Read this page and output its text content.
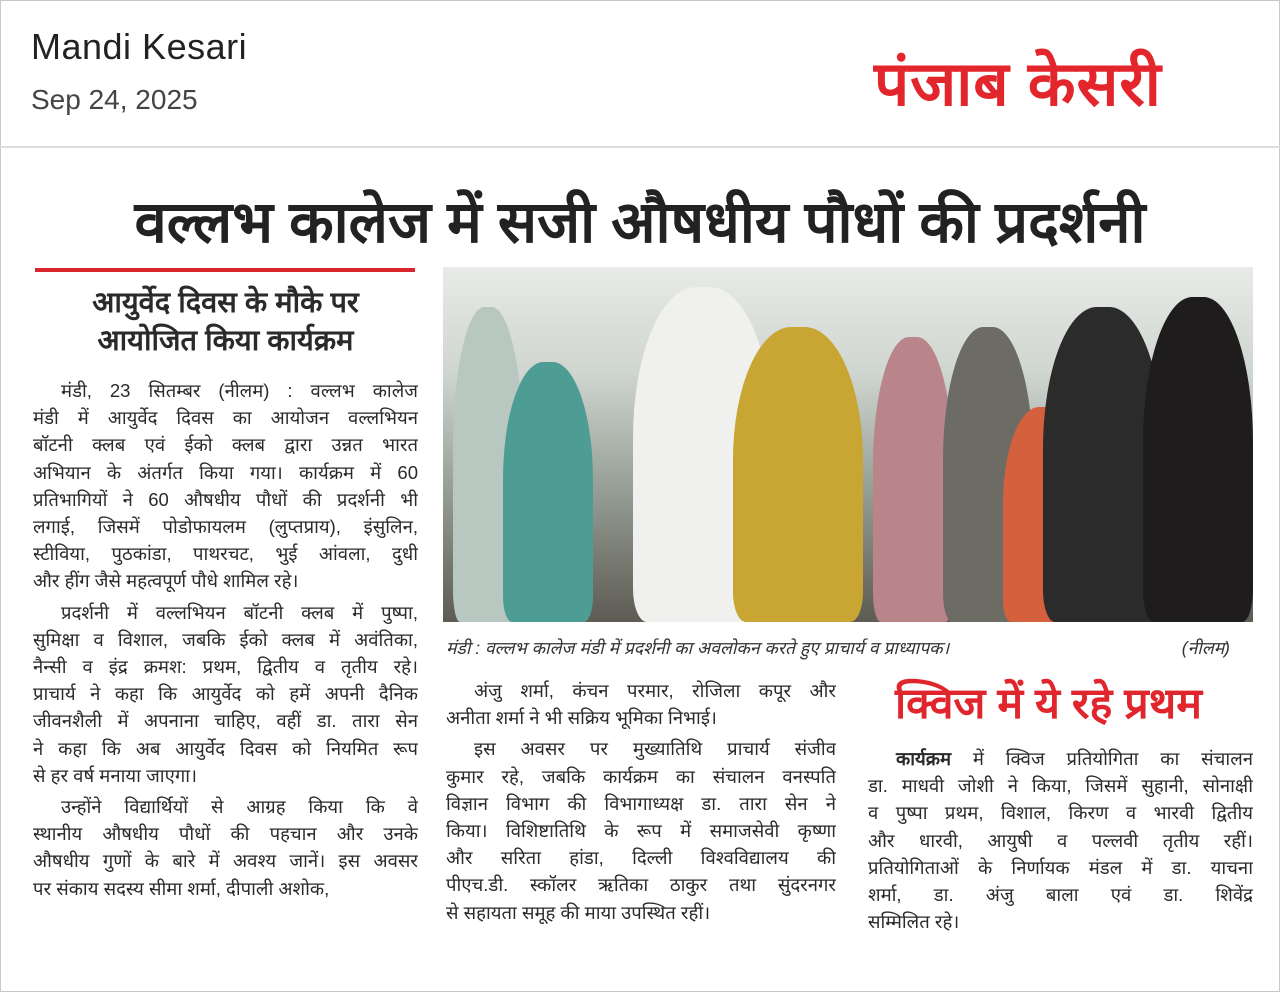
Mandi Kesari
Sep 24, 2025	पंजाब केसरी
वल्लभ कालेज में सजी औषधीय पौधों की प्रदर्शनी
आयुर्वेद दिवस के मौके पर
आयोजित किया कार्यक्रम
मंडी, 23 सितम्बर (नीलम) : वल्लभ कालेज
मंडी में आयुर्वेद दिवस का आयोजन वल्लभियन
बॉटनी क्लब एवं ईको क्लब द्वारा उन्नत भारत
अभियान के अंतर्गत किया गया। कार्यक्रम में 60
प्रतिभागियों ने 60 औषधीय पौधों की प्रदर्शनी भी
लगाई, जिसमें पोडोफायलम (लुप्तप्राय), इंसुलिन,
स्टीविया, पुठकांडा, पाथरचट, भुई आंवला, दुधी
और हींग जैसे महत्वपूर्ण पौधे शामिल रहे।
प्रदर्शनी में वल्लभियन बॉटनी क्लब में पुष्पा,
सुमिक्षा व विशाल, जबकि ईको क्लब में अवंतिका,
नैन्सी व इंद्र क्रमश: प्रथम, द्वितीय व तृतीय रहे।
प्राचार्य ने कहा कि आयुर्वेद को हमें अपनी दैनिक
जीवनशैली में अपनाना चाहिए, वहीं डा. तारा सेन
ने कहा कि अब आयुर्वेद दिवस को नियमित रूप
से हर वर्ष मनाया जाएगा।
उन्होंने विद्यार्थियों से आग्रह किया कि वे
स्थानीय औषधीय पौधों की पहचान और उनके
औषधीय गुणों के बारे में अवश्य जानें। इस अवसर
पर संकाय सदस्य सीमा शर्मा, दीपाली अशोक,
मंडी : वल्लभ कालेज मंडी में प्रदर्शनी का अवलोकन करते हुए प्राचार्य व प्राध्यापक।	(नीलम)
अंजु शर्मा, कंचन परमार, रोजिला कपूर और
अनीता शर्मा ने भी सक्रिय भूमिका निभाई।
इस अवसर पर मुख्यातिथि प्राचार्य संजीव
कुमार रहे, जबकि कार्यक्रम का संचालन वनस्पति
विज्ञान विभाग की विभागाध्यक्ष डा. तारा सेन ने
किया। विशिष्टातिथि के रूप में समाजसेवी कृष्णा
और सरिता हांडा, दिल्ली विश्वविद्यालय की
पीएच.डी. स्कॉलर ऋतिका ठाकुर तथा सुंदरनगर
से सहायता समूह की माया उपस्थित रहीं।
क्विज में ये रहे प्रथम
कार्यक्रम में क्विज प्रतियोगिता का संचालन
डा. माधवी जोशी ने किया, जिसमें सुहानी, सोनाक्षी
व पुष्पा प्रथम, विशाल, किरण व भारवी द्वितीय
और धारवी, आयुषी व पल्लवी तृतीय रहीं।
प्रतियोगिताओं के निर्णायक मंडल में डा. याचना
शर्मा, डा. अंजु बाला एवं डा. शिवेंद्र
सम्मिलित रहे।
